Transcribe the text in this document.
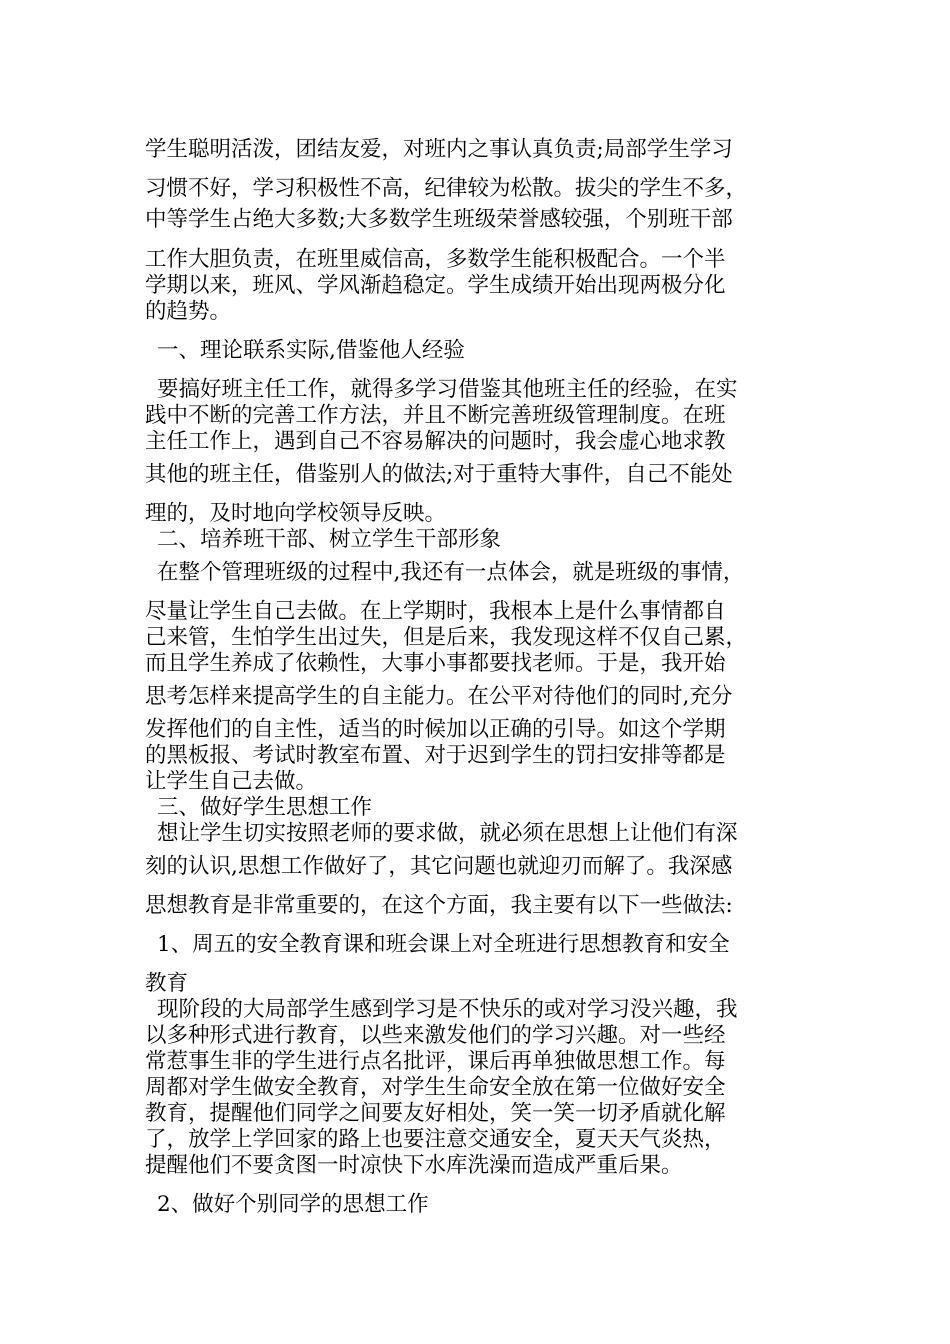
学生聪明活泼，团结友爱，对班内之事认真负责;局部学生学习
习惯不好，学习积极性不高，纪律较为松散。拔尖的学生不多，
中等学生占绝大多数;大多数学生班级荣誉感较强，个别班干部
工作大胆负责，在班里威信高，多数学生能积极配合。一个半
学期以来，班风、学风渐趋稳定。学生成绩开始出现两极分化
的趋势。
一、理论联系实际,借鉴他人经验
要搞好班主任工作，就得多学习借鉴其他班主任的经验，在实
践中不断的完善工作方法，并且不断完善班级管理制度。在班
主任工作上，遇到自己不容易解决的问题时，我会虚心地求教
其他的班主任，借鉴别人的做法;对于重特大事件，自己不能处
理的，及时地向学校领导反映。
二、培养班干部、树立学生干部形象
在整个管理班级的过程中,我还有一点体会，就是班级的事情，
尽量让学生自己去做。在上学期时，我根本上是什么事情都自
己来管，生怕学生出过失，但是后来，我发现这样不仅自己累，
而且学生养成了依赖性，大事小事都要找老师。于是，我开始
思考怎样来提高学生的自主能力。在公平对待他们的同时,充分
发挥他们的自主性，适当的时候加以正确的引导。如这个学期
的黑板报、考试时教室布置、对于迟到学生的罚扫安排等都是
让学生自己去做。
三、做好学生思想工作
想让学生切实按照老师的要求做，就必须在思想上让他们有深
刻的认识,思想工作做好了，其它问题也就迎刃而解了。我深感
思想教育是非常重要的，在这个方面，我主要有以下一些做法:
1、周五的安全教育课和班会课上对全班进行思想教育和安全
教育
现阶段的大局部学生感到学习是不快乐的或对学习没兴趣，我
以多种形式进行教育，以些来激发他们的学习兴趣。对一些经
常惹事生非的学生进行点名批评，课后再单独做思想工作。每
周都对学生做安全教育，对学生生命安全放在第一位做好安全
教育，提醒他们同学之间要友好相处，笑一笑一切矛盾就化解
了，放学上学回家的路上也要注意交通安全，夏天天气炎热，
提醒他们不要贪图一时凉快下水库洗澡而造成严重后果。
2、做好个别同学的思想工作
